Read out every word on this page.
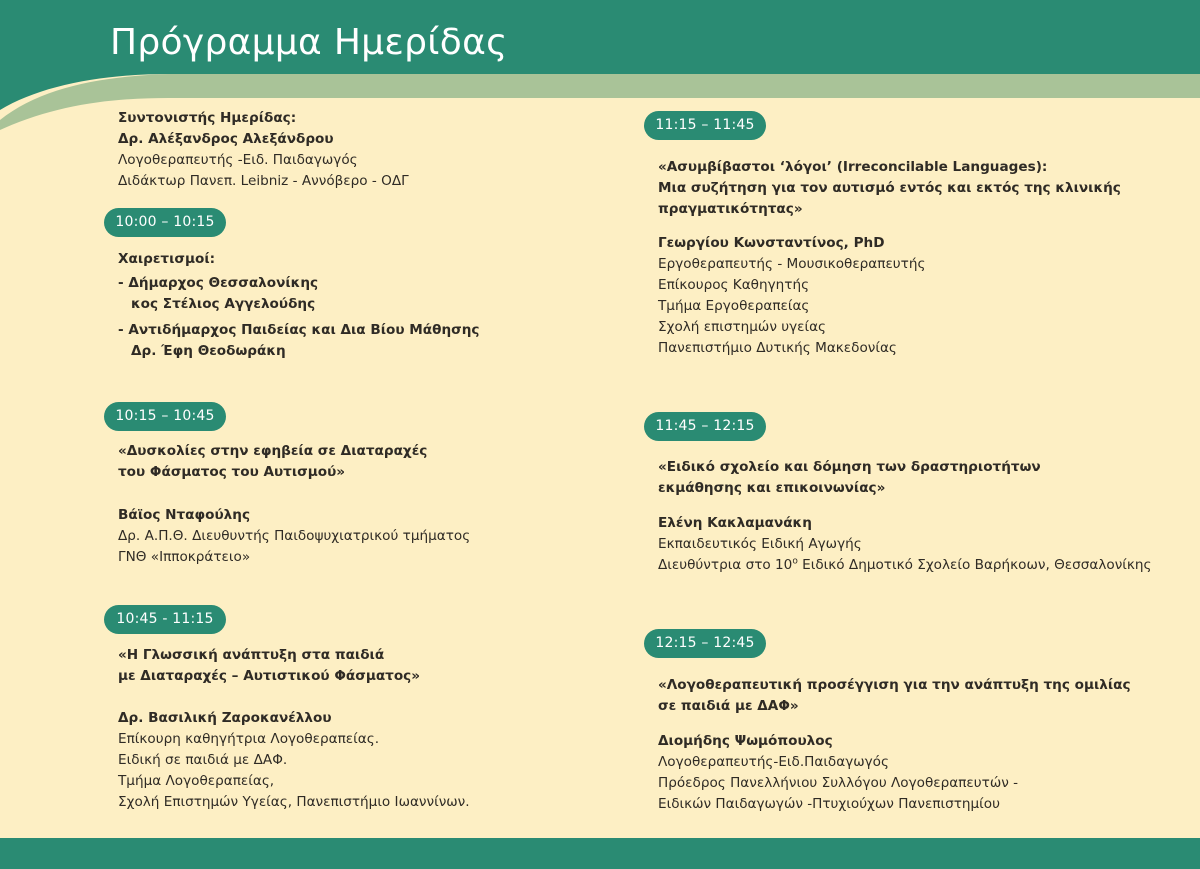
Πρόγραμμα Ημερίδας
Συντονιστής Ημερίδας:
Δρ. Αλέξανδρος Αλεξάνδρου
Λογοθεραπευτής -Ειδ. Παιδαγωγός
Διδάκτωρ Πανεπ. Leibniz - Αννόβερο - ΟΔΓ
10:00 – 10:15
Χαιρετισμοί:
- Δήμαρχος Θεσσαλονίκης
κος Στέλιος Αγγελούδης
- Αντιδήμαρχος Παιδείας και Δια Βίου Μάθησης
Δρ. Έφη Θεοδωράκη
10:15 – 10:45
«Δυσκολίες στην εφηβεία σε Διαταραχές
του Φάσματος του Αυτισμού»
Βάϊος Νταφούλης
Δρ. Α.Π.Θ. Διευθυντής Παιδοψυχιατρικού τμήματος
ΓΝΘ «Ιπποκράτειο»
10:45 - 11:15
«Η Γλωσσική ανάπτυξη στα παιδιά
με Διαταραχές – Αυτιστικού Φάσματος»
Δρ. Βασιλική Ζαροκανέλλου
Επίκουρη καθηγήτρια Λογοθεραπείας.
Ειδική σε παιδιά με ΔΑΦ.
Τμήμα Λογοθεραπείας,
Σχολή Επιστημών Υγείας, Πανεπιστήμιο Ιωαννίνων.
11:15 – 11:45
«Ασυμβίβαστοι ‘λόγοι’ (Irreconcilable Languages):
Μια συζήτηση για τον αυτισμό εντός και εκτός της κλινικής
πραγματικότητας»
Γεωργίου Κωνσταντίνος, PhD
Εργοθεραπευτής - Μουσικοθεραπευτής
Επίκουρος Καθηγητής
Τμήμα Εργοθεραπείας
Σχολή επιστημών υγείας
Πανεπιστήμιο Δυτικής Μακεδονίας
11:45 – 12:15
«Ειδικό σχολείο και δόμηση των δραστηριοτήτων
εκμάθησης και επικοινωνίας»
Ελένη Κακλαμανάκη
Εκπαιδευτικός Ειδική Αγωγής
Διευθύντρια στο $10^o$ Ειδικό Δημοτικό Σχολείο Βαρήκοων, Θεσσαλονίκης
12:15 – 12:45
«Λογοθεραπευτική προσέγγιση για την ανάπτυξη της ομιλίας
σε παιδιά με ΔΑΦ»
Διομήδης Ψωμόπουλος
Λογοθεραπευτής-Ειδ.Παιδαγωγός
Πρόεδρος Πανελλήνιου Συλλόγου Λογοθεραπευτών -
Ειδικών Παιδαγωγών -Πτυχιούχων Πανεπιστημίου
